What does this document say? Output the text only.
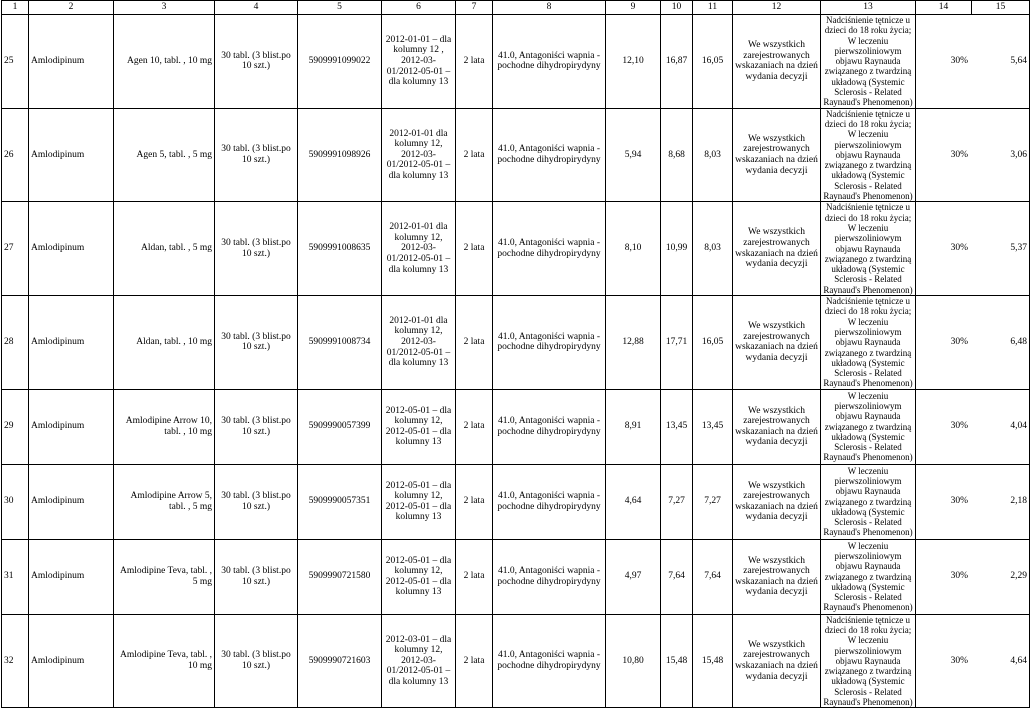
1	2	3	4	5	6	7	8	9	10	11	12	13	14	15
25	Amlodipinum	Agen 10, tabl. , 10 mg	30 tabl. (3 blist.po 10 szt.)	5909991099022	2012-01-01 – dla kolumny 12 , 2012-03-01/2012-05-01 – dla kolumny 13	2 lata	41.0, Antagoniści wapnia - pochodne dihydropirydyny	12,10	16,87	16,05	We wszystkich zarejestrowanych wskazaniach na dzień wydania decyzji	Nadciśnienie tętnicze u dzieci do 18 roku życia; W leczeniu pierwszoliniowym objawu Raynauda związanego z twardziną układową (Systemic Sclerosis - Related Raynaud's Phenomenon)	30% 5,64	
26	Amlodipinum	Agen 5, tabl. , 5 mg	30 tabl. (3 blist.po 10 szt.)	5909991098926	2012-01-01 dla kolumny 12, 2012-03-01/2012-05-01 – dla kolumny 13	2 lata	41.0, Antagoniści wapnia - pochodne dihydropirydyny	5,94	8,68	8,03	We wszystkich zarejestrowanych wskazaniach na dzień wydania decyzji	Nadciśnienie tętnicze u dzieci do 18 roku życia; W leczeniu pierwszoliniowym objawu Raynauda związanego z twardziną układową (Systemic Sclerosis - Related Raynaud's Phenomenon)	30% 3,06	
27	Amlodipinum	Aldan, tabl. , 5 mg	30 tabl. (3 blist.po 10 szt.)	5909991008635	2012-01-01 dla kolumny 12, 2012-03-01/2012-05-01 – dla kolumny 13	2 lata	41.0, Antagoniści wapnia - pochodne dihydropirydyny	8,10	10,99	8,03	We wszystkich zarejestrowanych wskazaniach na dzień wydania decyzji	Nadciśnienie tętnicze u dzieci do 18 roku życia; W leczeniu pierwszoliniowym objawu Raynauda związanego z twardziną układową (Systemic Sclerosis - Related Raynaud's Phenomenon)	30% 5,37	
28	Amlodipinum	Aldan, tabl. , 10 mg	30 tabl. (3 blist.po 10 szt.)	5909991008734	2012-01-01 dla kolumny 12, 2012-03-01/2012-05-01 – dla kolumny 13	2 lata	41.0, Antagoniści wapnia - pochodne dihydropirydyny	12,88	17,71	16,05	We wszystkich zarejestrowanych wskazaniach na dzień wydania decyzji	Nadciśnienie tętnicze u dzieci do 18 roku życia; W leczeniu pierwszoliniowym objawu Raynauda związanego z twardziną układową (Systemic Sclerosis - Related Raynaud's Phenomenon)	30% 6,48	
29	Amlodipinum	Amlodipine Arrow 10, tabl. , 10 mg	30 tabl. (3 blist.po 10 szt.)	5909990057399	2012-05-01 – dla kolumny 12, 2012-05-01 – dla kolumny 13	2 lata	41.0, Antagoniści wapnia - pochodne dihydropirydyny	8,91	13,45	13,45	We wszystkich zarejestrowanych wskazaniach na dzień wydania decyzji	W leczeniu pierwszoliniowym objawu Raynauda związanego z twardziną układową (Systemic Sclerosis - Related Raynaud's Phenomenon)	30% 4,04	
30	Amlodipinum	Amlodipine Arrow 5, tabl. , 5 mg	30 tabl. (3 blist.po 10 szt.)	5909990057351	2012-05-01 – dla kolumny 12, 2012-05-01 – dla kolumny 13	2 lata	41.0, Antagoniści wapnia - pochodne dihydropirydyny	4,64	7,27	7,27	We wszystkich zarejestrowanych wskazaniach na dzień wydania decyzji	W leczeniu pierwszoliniowym objawu Raynauda związanego z twardziną układową (Systemic Sclerosis - Related Raynaud's Phenomenon)	30% 2,18	
31	Amlodipinum	Amlodipine Teva, tabl. , 5 mg	30 tabl. (3 blist.po 10 szt.)	5909990721580	2012-05-01 – dla kolumny 12, 2012-05-01 – dla kolumny 13	2 lata	41.0, Antagoniści wapnia - pochodne dihydropirydyny	4,97	7,64	7,64	We wszystkich zarejestrowanych wskazaniach na dzień wydania decyzji	W leczeniu pierwszoliniowym objawu Raynauda związanego z twardziną układową (Systemic Sclerosis - Related Raynaud's Phenomenon)	30% 2,29	
32	Amlodipinum	Amlodipine Teva, tabl. , 10 mg	30 tabl. (3 blist.po 10 szt.)	5909990721603	2012-03-01 – dla kolumny 12, 2012-03-01/2012-05-01 – dla kolumny 13	2 lata	41.0, Antagoniści wapnia - pochodne dihydropirydyny	10,80	15,48	15,48	We wszystkich zarejestrowanych wskazaniach na dzień wydania decyzji	Nadciśnienie tętnicze u dzieci do 18 roku życia; W leczeniu pierwszoliniowym objawu Raynauda związanego z twardziną układową (Systemic Sclerosis - Related Raynaud's Phenomenon)	30% 4,64	
